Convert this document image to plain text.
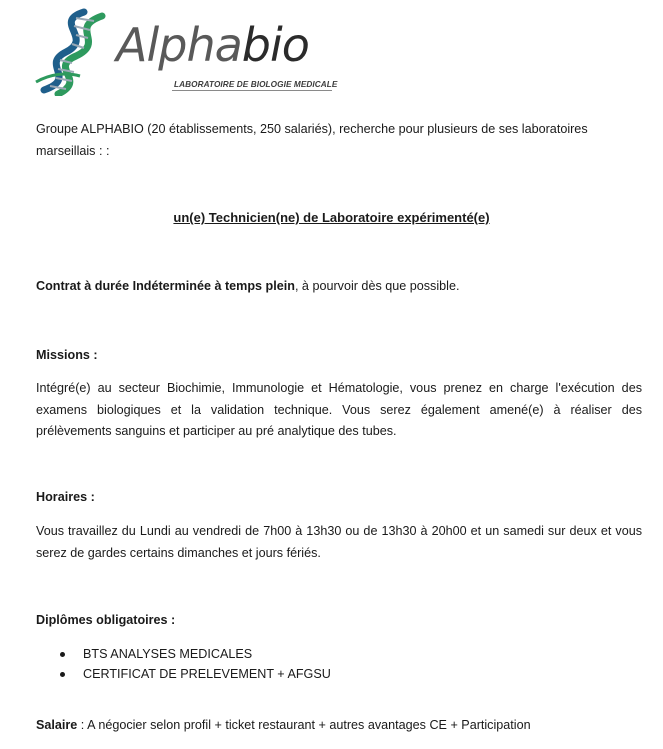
Alphabio
LABORATOIRE DE BIOLOGIE MEDICALE

Groupe ALPHABIO (20 établissements, 250 salariés), recherche pour plusieurs de ses laboratoires marseillais : :

un(e) Technicien(ne) de Laboratoire expérimenté(e)

Contrat à durée Indéterminée à temps plein, à pourvoir dès que possible.

Missions :

Intégré(e) au secteur Biochimie, Immunologie et Hématologie, vous prenez en charge l'exécution des examens biologiques et la validation technique. Vous serez également amené(e) à réaliser des prélèvements sanguins et participer au pré analytique des tubes.

Horaires :

Vous travaillez du Lundi au vendredi de 7h00 à 13h30 ou de 13h30 à 20h00 et un samedi sur deux et vous serez de gardes certains dimanches et jours fériés.

Diplômes obligatoires :

BTS ANALYSES MEDICALES
CERTIFICAT DE PRELEVEMENT + AFGSU

Salaire : A négocier selon profil + ticket restaurant + autres avantages CE + Participation
